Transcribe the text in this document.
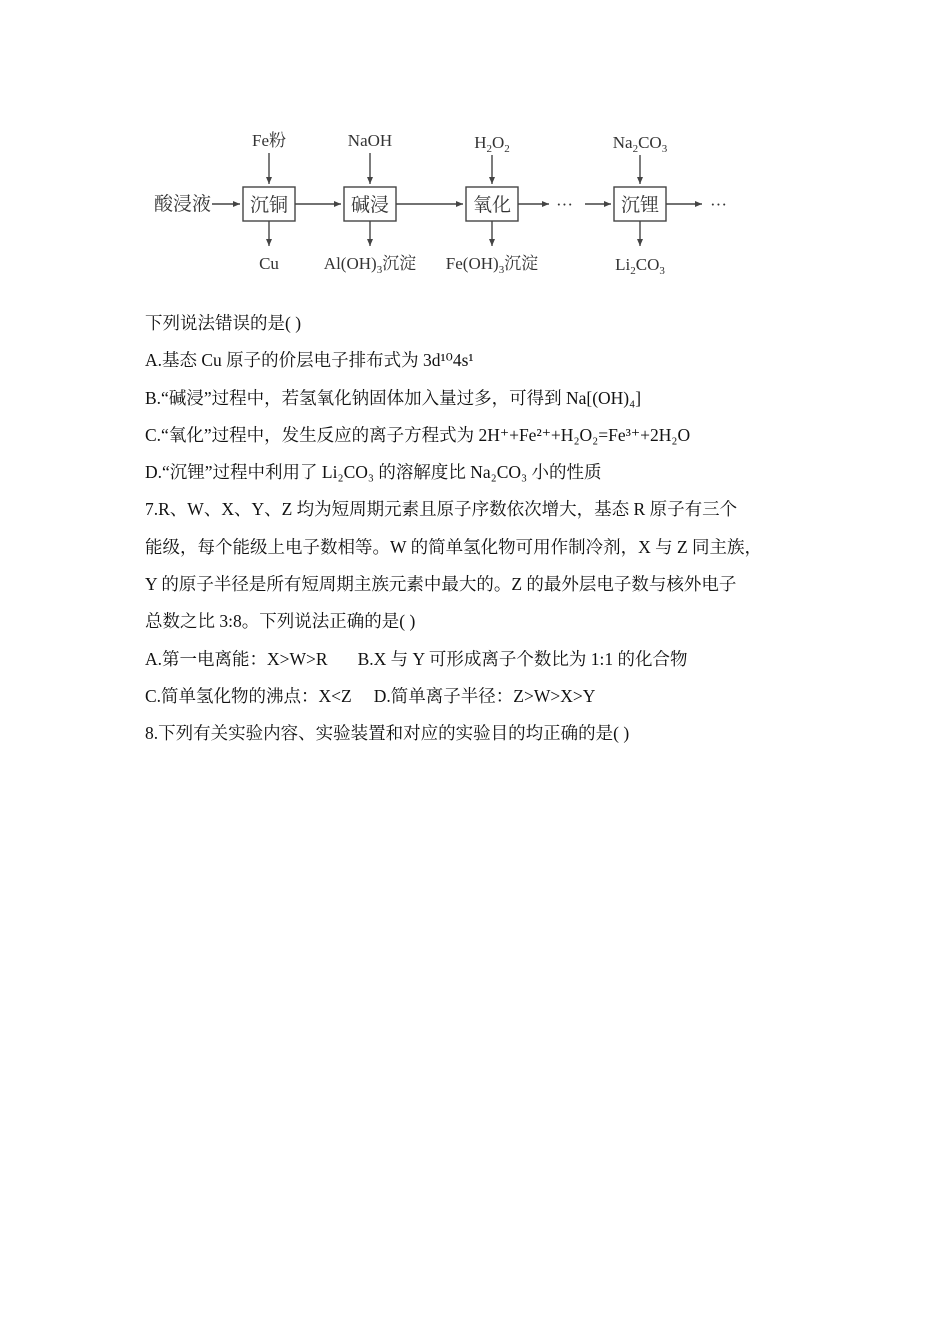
酸浸液 沉铜
Fe粉
Cu
碱浸
NaOH
$Al(OH)_3$沉淀
氧化
$H_2O_2$
$Fe(OH)_3$沉淀
···	沉锂
$Na_2CO_3$
$Li_2CO_3$
···
下列说法错误的是( )
A.基态 Cu 原子的价层电子排布式为 3d¹⁰4s¹
B.“碱浸”过程中，若氢氧化钠固体加入量过多，可得到 Na[(OH)₄]
C.“氧化”过程中，发生反应的离子方程式为 2H⁺+Fe²⁺+H₂O₂=Fe³⁺+2H₂O
D.“沉锂”过程中利用了 Li₂CO₃ 的溶解度比 Na₂CO₃ 小的性质
7.R、W、X、Y、Z 均为短周期元素且原子序数依次增大，基态 R 原子有三个
能级，每个能级上电子数相等。W 的简单氢化物可用作制冷剂，X 与 Z 同主族，
Y 的原子半径是所有短周期主族元素中最大的。Z 的最外层电子数与核外电子
总数之比 3:8。下列说法正确的是( )
A.第一电离能：X>W>R B.X 与 Y 可形成离子个数比为 1:1 的化合物
C.简单氢化物的沸点：X<Z D.简单离子半径：Z>W>X>Y
8.下列有关实验内容、实验装置和对应的实验目的均正确的是( )
